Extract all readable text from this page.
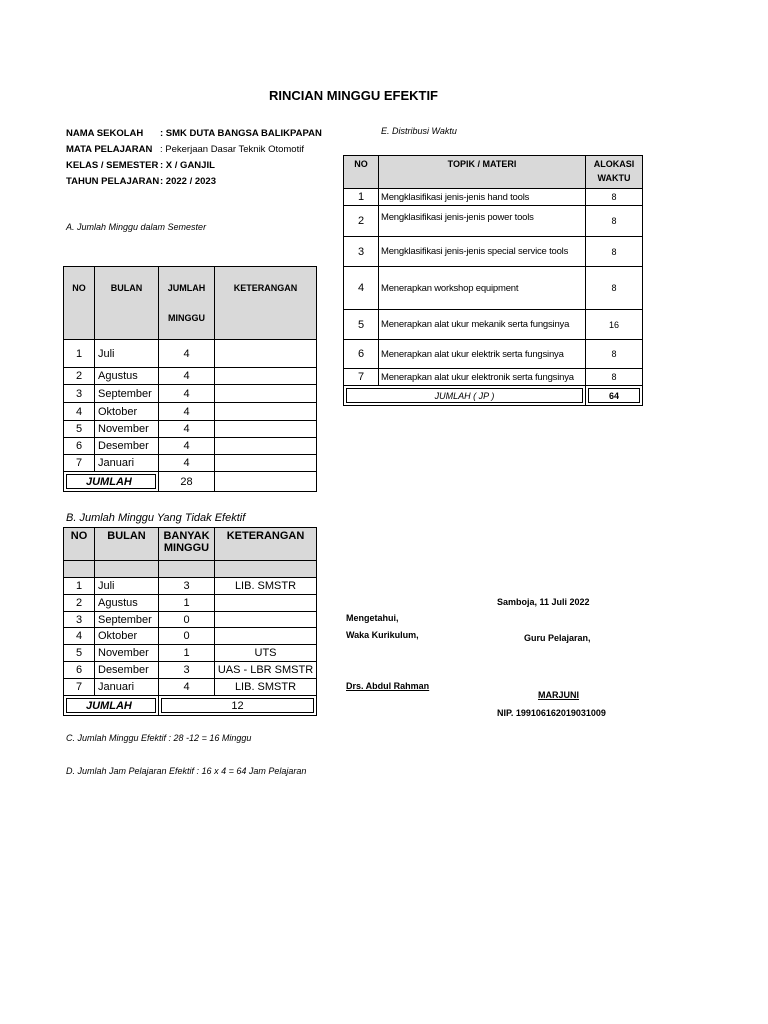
RINCIAN MINGGU EFEKTIF
NAMA SEKOLAH : SMK DUTA BANGSA BALIKPAPAN
MATA PELAJARAN : Pekerjaan Dasar Teknik Otomotif
KELAS / SEMESTER : X / GANJIL
TAHUN PELAJARAN: 2022 / 2023
A. Jumlah Minggu dalam Semester
NO	BULAN	JUMLAH
MINGGU	KETERANGAN

1	Juli	4	
2	Agustus	4	
3	September	4	
4	Oktober	4	
5	November	4	
6	Desember	4	
7	Januari	4	

JUMLAH		28	
B. Jumlah Minggu Yang Tidak Efektif
NO	BULAN	BANYAK
MINGGU	KETERANGAN

1	Juli	3	LIB. SMSTR
2	Agustus	1	
3	September	0	
4	Oktober	0	
5	November	1	UTS
6	Desember	3	UAS - LBR SMSTR
7	Januari	4	LIB. SMSTR

JUMLAH		12	
C. Jumlah Minggu Efektif : 28 -12 = 16 Minggu
D. Jumlah Jam Pelajaran Efektif : 16 x 4 = 64 Jam Pelajaran
E. Distribusi Waktu
NO	TOPIK / MATERI	ALOKASI
WAKTU

1	Mengklasifikasi jenis-jenis hand tools	8
2	Mengklasifikasi jenis-jenis power tools	8
3	Mengklasifikasi jenis-jenis special service tools	8
4	Menerapkan workshop equipment	8
5	Menerapkan alat ukur mekanik serta fungsinya	16
6	Menerapkan alat ukur elektrik serta fungsinya	8
7	Menerapkan alat ukur elektronik serta fungsinya	8

JUMLAH ( JP )		64
Samboja, 11 Juli 2022
Mengetahui,
Waka Kurikulum,	Guru Pelajaran,
Drs. Abdul Rahman
MARJUNI
NIP. 199106162019031009
